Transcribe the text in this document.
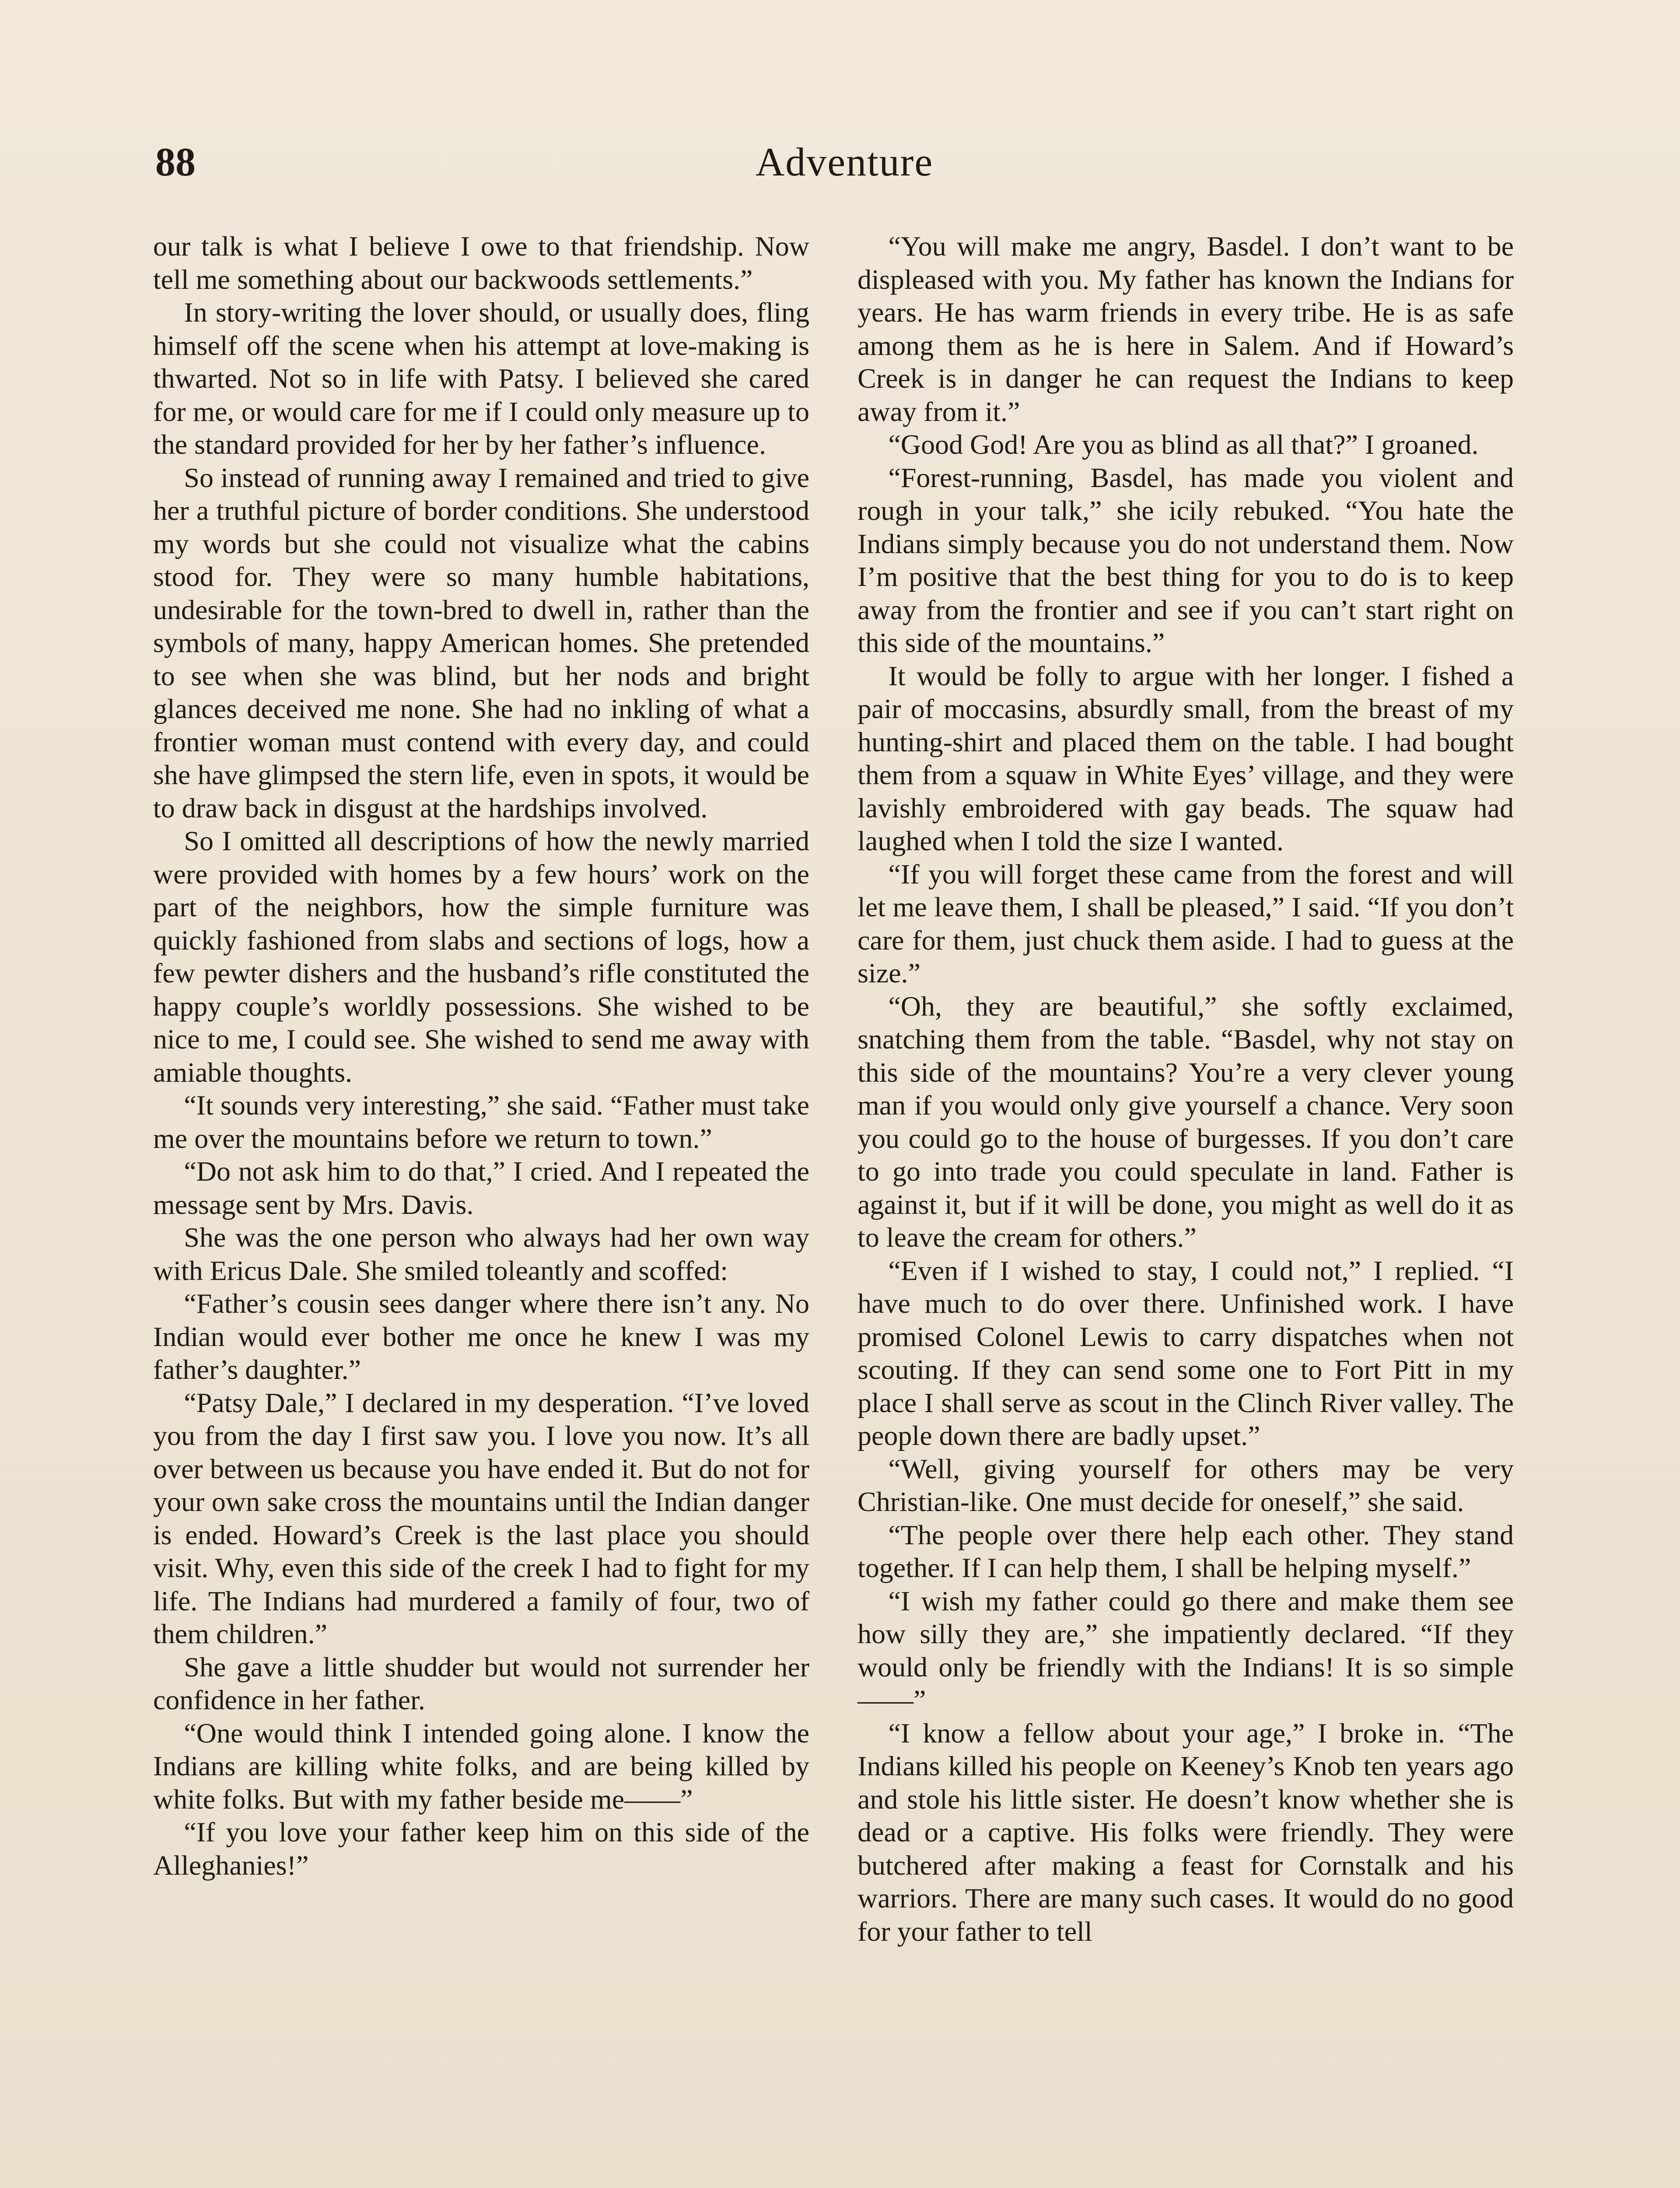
88	Adventure

our talk is what I believe I owe to that friendship. Now tell me something about our backwoods settlements.”

In story-writing the lover should, or usually does, fling himself off the scene when his attempt at love-making is thwarted. Not so in life with Patsy. I believed she cared for me, or would care for me if I could only measure up to the standard provided for her by her father’s influence.

So instead of running away I remained and tried to give her a truthful picture of border conditions. She understood my words but she could not visualize what the cabins stood for. They were so many humble habitations, undesirable for the town-bred to dwell in, rather than the symbols of many, happy American homes. She pretended to see when she was blind, but her nods and bright glances deceived me none. She had no inkling of what a frontier woman must contend with every day, and could she have glimpsed the stern life, even in spots, it would be to draw back in disgust at the hardships involved.

So I omitted all descriptions of how the newly married were provided with homes by a few hours’ work on the part of the neighbors, how the simple furniture was quickly fashioned from slabs and sections of logs, how a few pewter dishers and the husband’s rifle constituted the happy couple’s worldly possessions. She wished to be nice to me, I could see. She wished to send me away with amiable thoughts.

“It sounds very interesting,” she said. “Father must take me over the mountains before we return to town.”

“Do not ask him to do that,” I cried. And I repeated the message sent by Mrs. Davis.

She was the one person who always had her own way with Ericus Dale. She smiled toleantly and scoffed:

“Father’s cousin sees danger where there isn’t any. No Indian would ever bother me once he knew I was my father’s daughter.”

“Patsy Dale,” I declared in my desperation. “I’ve loved you from the day I first saw you. I love you now. It’s all over between us because you have ended it. But do not for your own sake cross the mountains until the Indian danger is ended. Howard’s Creek is the last place you should visit. Why, even this side of the creek I had to fight for my life. The Indians had murdered a family of four, two of them children.”

She gave a little shudder but would not surrender her confidence in her father.

“One would think I intended going alone. I know the Indians are killing white folks, and are being killed by white folks. But with my father beside me——”

“If you love your father keep him on this side of the Alleghanies!”

“You will make me angry, Basdel. I don’t want to be displeased with you. My father has known the Indians for years. He has warm friends in every tribe. He is as safe among them as he is here in Salem. And if Howard’s Creek is in danger he can request the Indians to keep away from it.”

“Good God! Are you as blind as all that?” I groaned.

“Forest-running, Basdel, has made you violent and rough in your talk,” she icily rebuked. “You hate the Indians simply because you do not understand them. Now I’m positive that the best thing for you to do is to keep away from the frontier and see if you can’t start right on this side of the mountains.”

It would be folly to argue with her longer. I fished a pair of moccasins, absurdly small, from the breast of my hunting-shirt and placed them on the table. I had bought them from a squaw in White Eyes’ village, and they were lavishly embroidered with gay beads. The squaw had laughed when I told the size I wanted.

“If you will forget these came from the forest and will let me leave them, I shall be pleased,” I said. “If you don’t care for them, just chuck them aside. I had to guess at the size.”

“Oh, they are beautiful,” she softly exclaimed, snatching them from the table. “Basdel, why not stay on this side of the mountains? You’re a very clever young man if you would only give yourself a chance. Very soon you could go to the house of burgesses. If you don’t care to go into trade you could speculate in land. Father is against it, but if it will be done, you might as well do it as to leave the cream for others.”

“Even if I wished to stay, I could not,” I replied. “I have much to do over there. Unfinished work. I have promised Colonel Lewis to carry dispatches when not scouting. If they can send some one to Fort Pitt in my place I shall serve as scout in the Clinch River valley. The people down there are badly upset.”

“Well, giving yourself for others may be very Christian-like. One must decide for oneself,” she said.

“The people over there help each other. They stand together. If I can help them, I shall be helping myself.”

“I wish my father could go there and make them see how silly they are,” she impatiently declared. “If they would only be friendly with the Indians! It is so simple——”

“I know a fellow about your age,” I broke in. “The Indians killed his people on Keeney’s Knob ten years ago and stole his little sister. He doesn’t know whether she is dead or a captive. His folks were friendly. They were butchered after making a feast for Cornstalk and his warriors. There are many such cases. It would do no good for your father to tell
